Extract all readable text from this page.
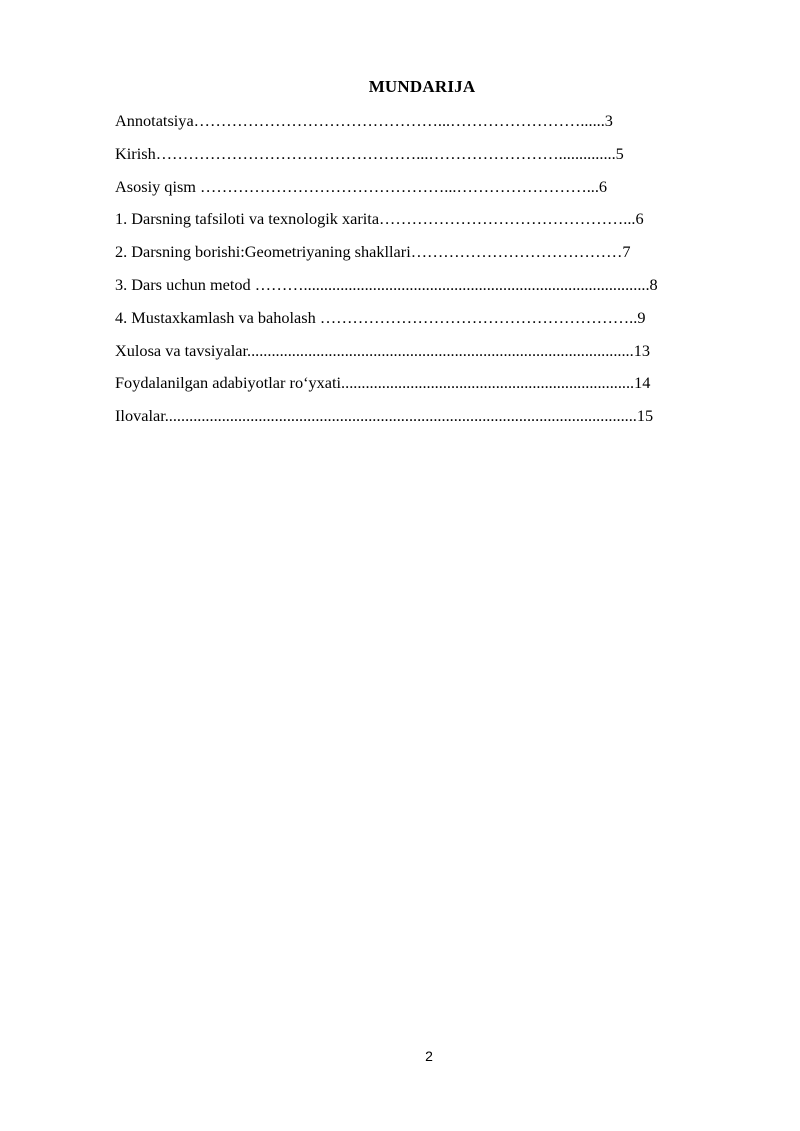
MUNDARIJA
Annotatsiya………………………………………...……………………......3
Kirish…………………………………………...……………………..............5
Asosiy qism ………………………………………...……………………...6
1. Darsning tafsiloti va texnologik xarita………………………………………...6
2. Darsning borishi:Geometriyaning shakllari…………………………………7
3. Dars uchun metod ……….....................................................................................8
4. Mustaxkamlash va baholash …………………………………………………..9
Xulosa va tavsiyalar...............................................................................................13
Foydalanilgan adabiyotlar ro‘yxati........................................................................14
Ilovalar....................................................................................................................15
2
